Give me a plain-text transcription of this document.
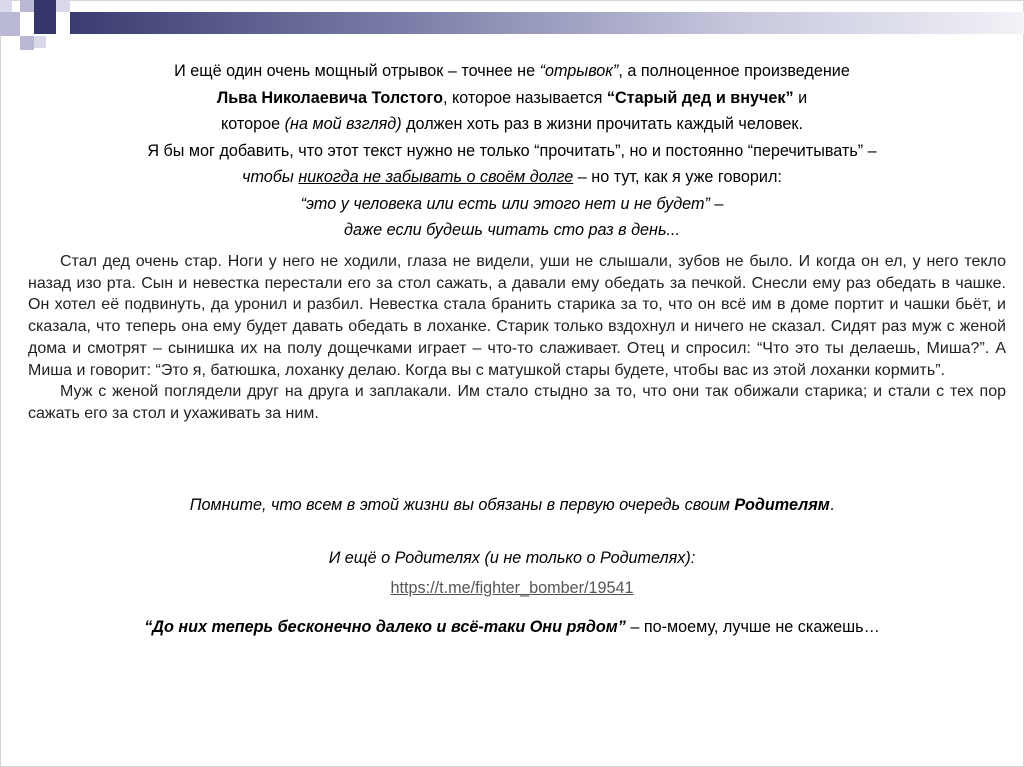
И ещё один очень мощный отрывок – точнее не “отрывок”, а полноценное произведение

Льва Николаевича Толстого, которое называется “Старый дед и внучек” и

которое (на мой взгляд) должен хоть раз в жизни прочитать каждый человек.

Я бы мог добавить, что этот текст нужно не только “прочитать”, но и постоянно “перечитывать” –

чтобы никогда не забывать о своём долге – но тут, как я уже говорил:

“это у человека или есть или этого нет и не будет” –

даже если будешь читать сто раз в день...

Стал дед очень стар. Ноги у него не ходили, глаза не видели, уши не слышали, зубов не было. И когда он ел, у него текло назад изо рта. Сын и невестка перестали его за стол сажать, а давали ему обедать за печкой. Снесли ему раз обедать в чашке. Он хотел её подвинуть, да уронил и разбил. Невестка стала бранить старика за то, что он всё им в доме портит и чашки бьёт, и сказала, что теперь она ему будет давать обедать в лоханке. Старик только вздохнул и ничего не сказал. Сидят раз муж с женой дома и смотрят – сынишка их на полу дощечками играет – что-то слаживает. Отец и спросил: “Что это ты делаешь, Миша?”. А Миша и говорит: “Это я, батюшка, лоханку делаю. Когда вы с матушкой стары будете, чтобы вас из этой лоханки кормить”.

Муж с женой поглядели друг на друга и заплакали. Им стало стыдно за то, что они так обижали старика; и стали с тех пор сажать его за стол и ухаживать за ним.

Помните, что всем в этой жизни вы обязаны в первую очередь своим Родителям.

И ещё о Родителях (и не только о Родителях):

https://t.me/fighter_bomber/19541

“До них теперь бесконечно далеко и всё-таки Они рядом” – по-моему, лучше не скажешь…
